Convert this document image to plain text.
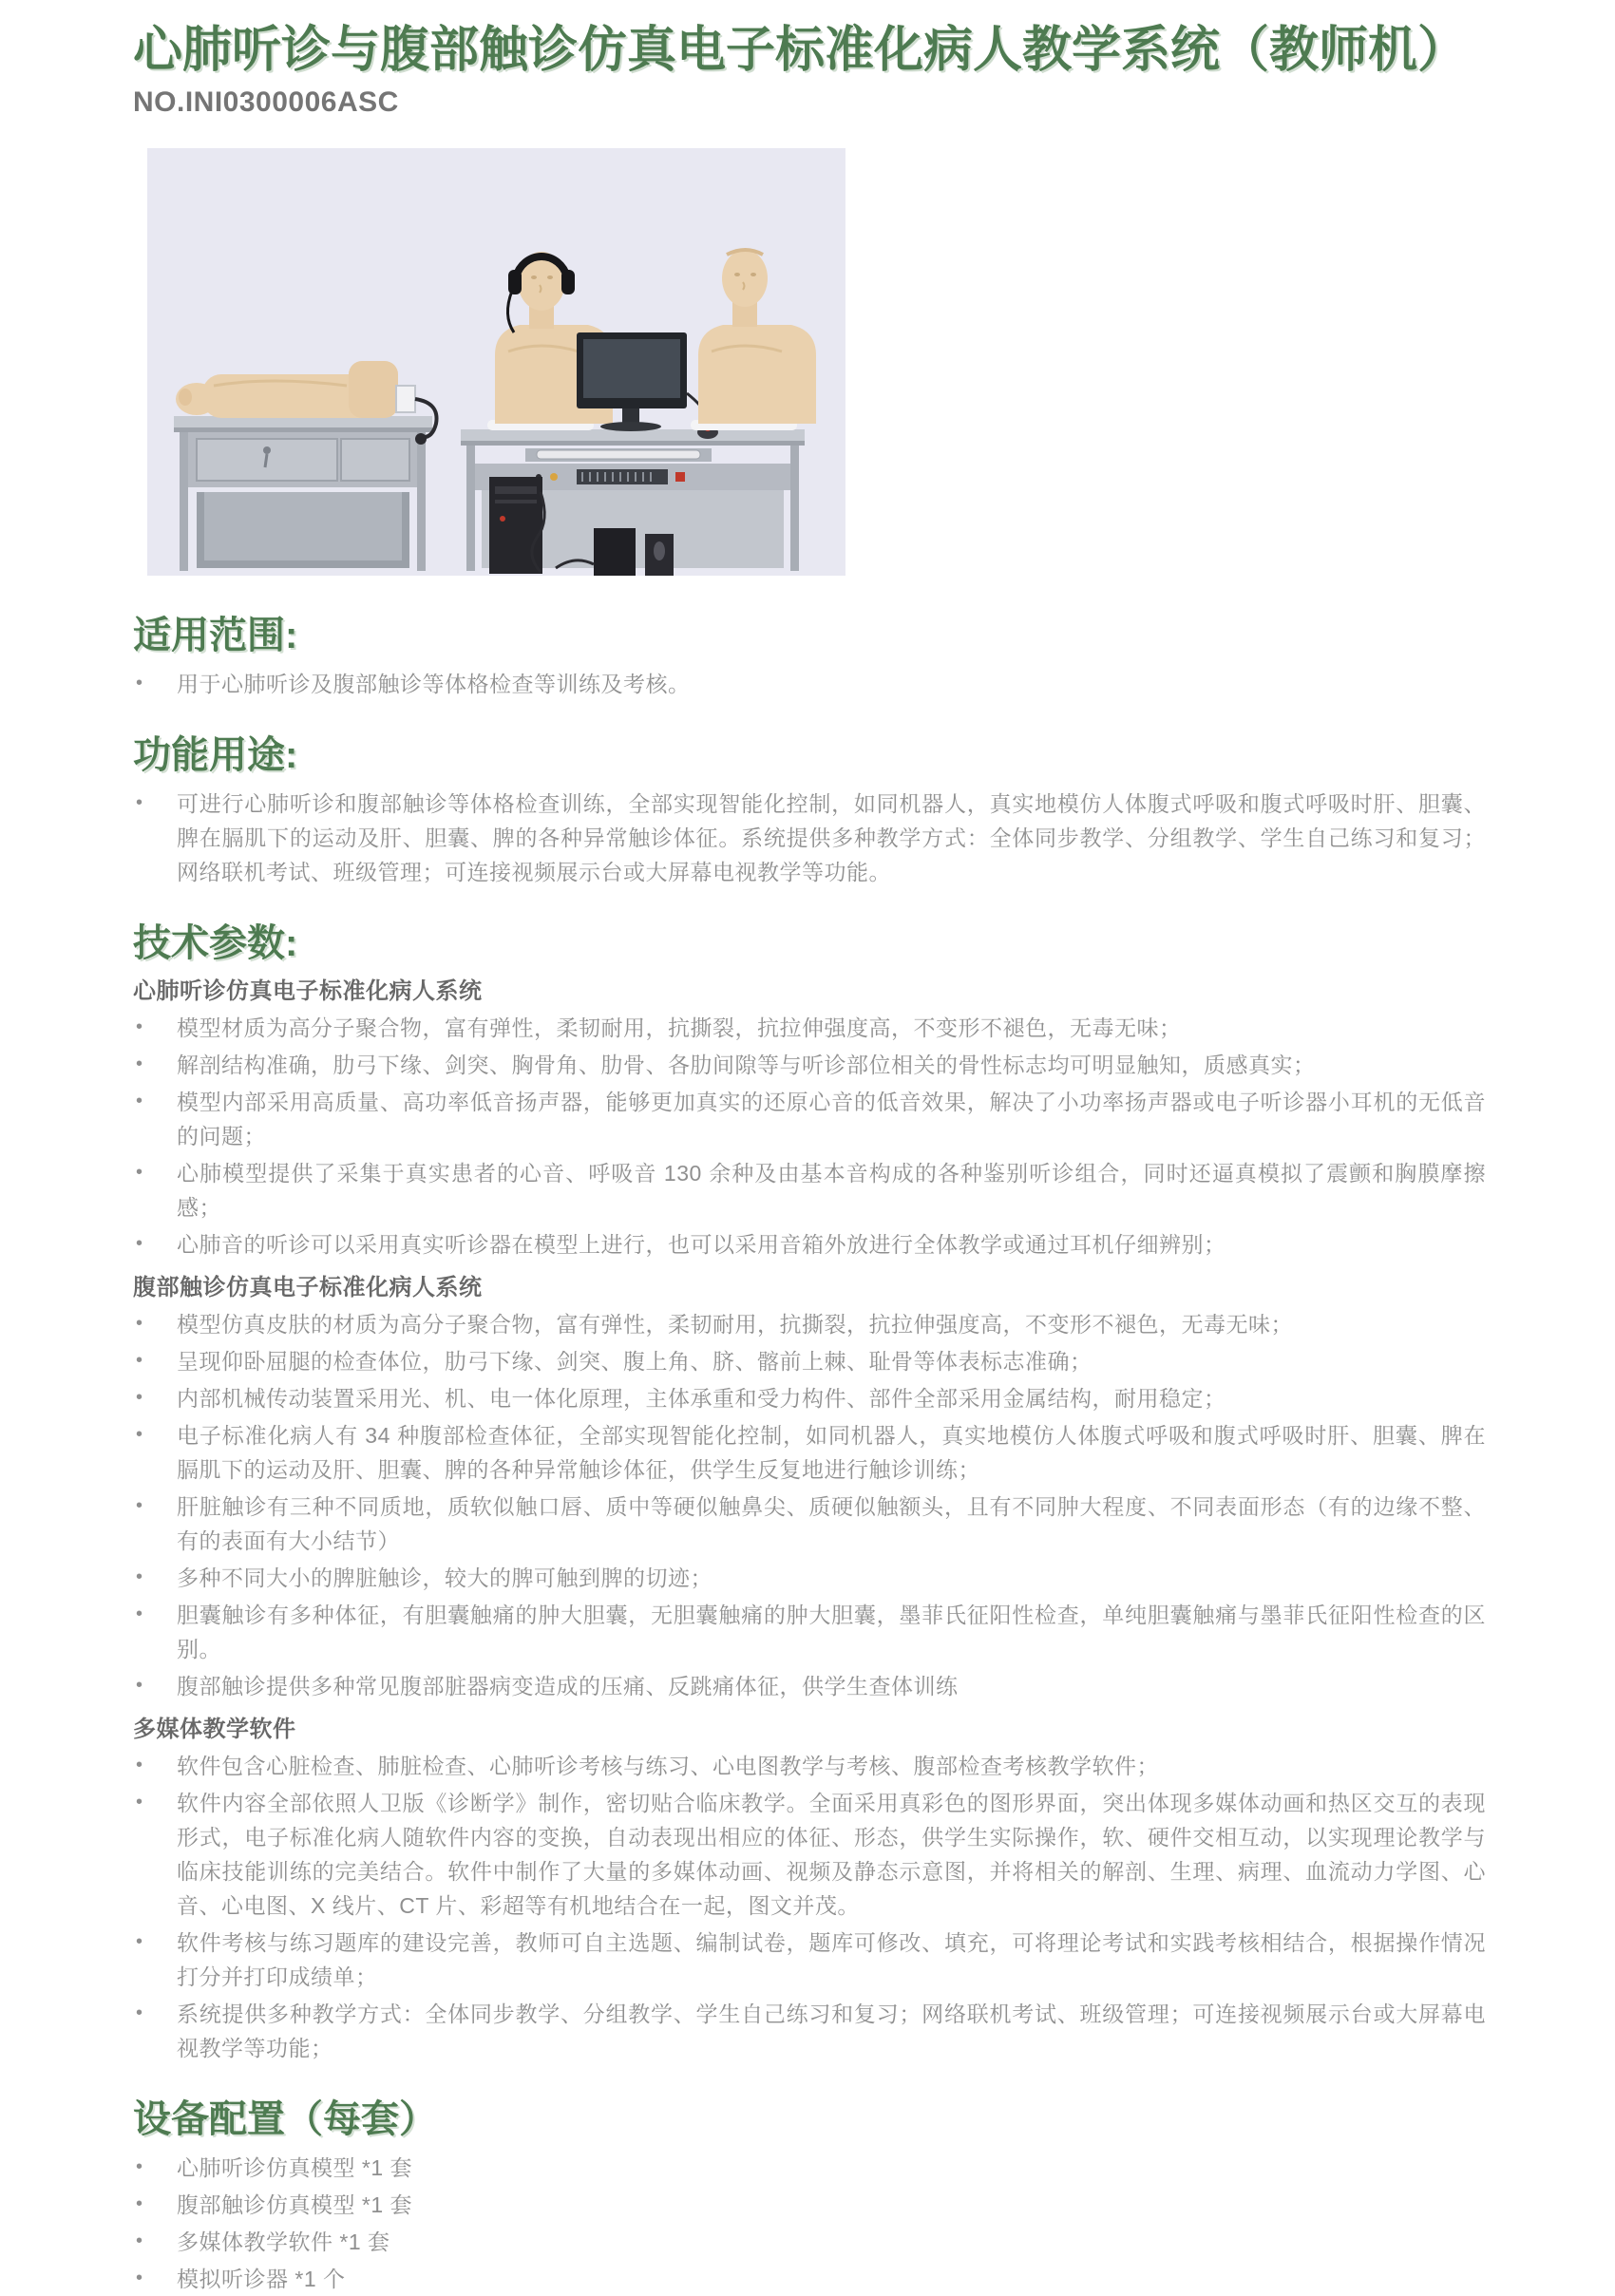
心肺听诊与腹部触诊仿真电子标准化病人教学系统（教师机）
NO.INI0300006ASC
适用范围:
• 用于心肺听诊及腹部触诊等体格检查等训练及考核。
功能用途:
• 可进行心肺听诊和腹部触诊等体格检查训练，全部实现智能化控制，如同机器人，真实地模仿人体腹式呼吸和腹式呼吸时肝、胆囊、脾在膈肌下的运动及肝、胆囊、脾的各种异常触诊体征。系统提供多种教学方式：全体同步教学、分组教学、学生自己练习和复习；网络联机考试、班级管理；可连接视频展示台或大屏幕电视教学等功能。
技术参数:
心肺听诊仿真电子标准化病人系统
• 模型材质为高分子聚合物，富有弹性，柔韧耐用，抗撕裂，抗拉伸强度高，不变形不褪色，无毒无味；
• 解剖结构准确，肋弓下缘、剑突、胸骨角、肋骨、各肋间隙等与听诊部位相关的骨性标志均可明显触知，质感真实；
• 模型内部采用高质量、高功率低音扬声器，能够更加真实的还原心音的低音效果，解决了小功率扬声器或电子听诊器小耳机的无低音的问题；
• 心肺模型提供了采集于真实患者的心音、呼吸音 130 余种及由基本音构成的各种鉴别听诊组合，同时还逼真模拟了震颤和胸膜摩擦感；
• 心肺音的听诊可以采用真实听诊器在模型上进行，也可以采用音箱外放进行全体教学或通过耳机仔细辨别；
腹部触诊仿真电子标准化病人系统
• 模型仿真皮肤的材质为高分子聚合物，富有弹性，柔韧耐用，抗撕裂，抗拉伸强度高，不变形不褪色，无毒无味；
• 呈现仰卧屈腿的检查体位，肋弓下缘、剑突、腹上角、脐、髂前上棘、耻骨等体表标志准确；
• 内部机械传动装置采用光、机、电一体化原理，主体承重和受力构件、部件全部采用金属结构，耐用稳定；
• 电子标准化病人有 34 种腹部检查体征，全部实现智能化控制，如同机器人，真实地模仿人体腹式呼吸和腹式呼吸时肝、胆囊、脾在膈肌下的运动及肝、胆囊、脾的各种异常触诊体征，供学生反复地进行触诊训练；
• 肝脏触诊有三种不同质地，质软似触口唇、质中等硬似触鼻尖、质硬似触额头，且有不同肿大程度、不同表面形态（有的边缘不整、有的表面有大小结节）
• 多种不同大小的脾脏触诊，较大的脾可触到脾的切迹；
• 胆囊触诊有多种体征，有胆囊触痛的肿大胆囊，无胆囊触痛的肿大胆囊，墨菲氏征阳性检查，单纯胆囊触痛与墨菲氏征阳性检查的区别。
• 腹部触诊提供多种常见腹部脏器病变造成的压痛、反跳痛体征，供学生查体训练
多媒体教学软件
• 软件包含心脏检查、肺脏检查、心肺听诊考核与练习、心电图教学与考核、腹部检查考核教学软件；
• 软件内容全部依照人卫版《诊断学》制作，密切贴合临床教学。全面采用真彩色的图形界面，突出体现多媒体动画和热区交互的表现形式，电子标准化病人随软件内容的变换，自动表现出相应的体征、形态，供学生实际操作，软、硬件交相互动，以实现理论教学与临床技能训练的完美结合。软件中制作了大量的多媒体动画、视频及静态示意图，并将相关的解剖、生理、病理、血流动力学图、心音、心电图、X 线片、CT 片、彩超等有机地结合在一起，图文并茂。
• 软件考核与练习题库的建设完善，教师可自主选题、编制试卷，题库可修改、填充，可将理论考试和实践考核相结合，根据操作情况打分并打印成绩单；
• 系统提供多种教学方式：全体同步教学、分组教学、学生自己练习和复习；网络联机考试、班级管理；可连接视频展示台或大屏幕电视教学等功能；
设备配置（每套）
• 心肺听诊仿真模型 *1 套
• 腹部触诊仿真模型 *1 套
• 多媒体教学软件 *1 套
• 模拟听诊器 *1 个
